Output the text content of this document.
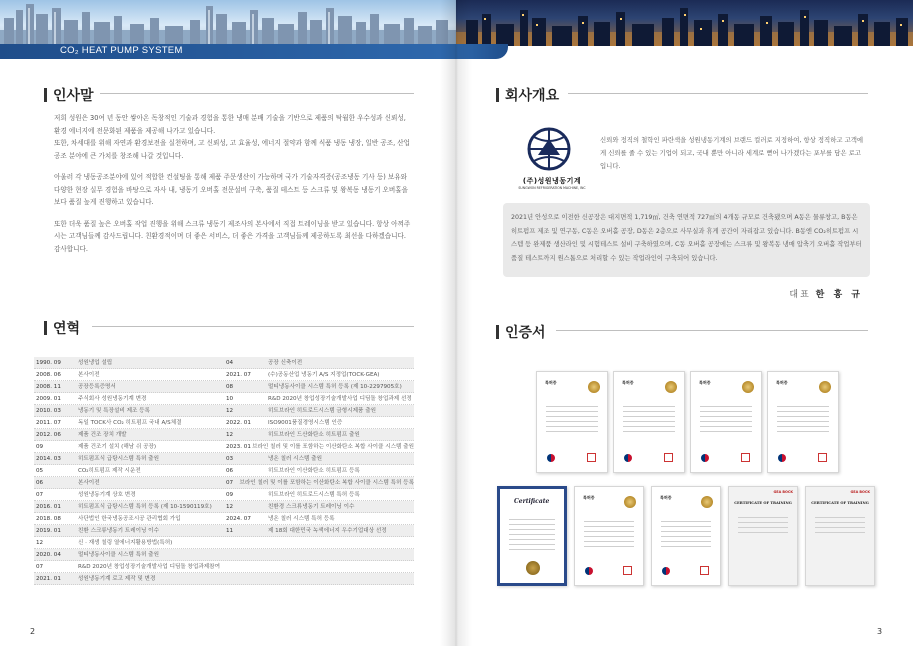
CO₂ HEAT PUMP SYSTEM
인사말

저희 성원은 30여 년 동안 쌓아온 독창적인 기술과 경험을 통한 냉매 분배 기술을 기반으로 제품의 탁월한 우수성과 신뢰성, 환경 에너지에 전문화된 제품을 제공해 나가고 있습니다.

또한, 차세대를 위해 자연과 환경보전을 실천하며, 고 신뢰성, 고 효율성, 에너지 절약과 함께 식품 냉동 냉장, 일반 공조, 산업공조 분야에 큰 가치를 창조해 나갈 것입니다.

아울러 각 냉동공조분야에 있어 적합한 컨설팅을 통해 제품 주문생산이 가능하며 국가 기술자격증(공조냉동 기사 등) 보유와 다양한 현장 실무 경험을 바탕으로 자사 내, 냉동기 오버홀 전문설비 구축, 품질 테스트 등 스크류 및 왕복동 냉동기 오버홀을 보다 품질 높게 진행하고 있습니다.

또한 더욱 품질 높은 오버홀 작업 진행을 위해 스크류 냉동기 제조사의 본사에서 직접 트레이닝을 받고 있습니다. 항상 아껴주시는 고객님들께 감사드립니다. 친환경적이며 더 좋은 서비스, 더 좋은 가격을 고객님들께 제공하도록 최선을 다하겠습니다. 감사합니다.

대표 한 홍 규
연혁
1990. 09	성원냉업 설립	04	공장 신축이전
2008. 06	본사이전	2021. 07	(수)공동산업 냉동기 A/S 지정업(TOCK-GEA)
2008. 11	공장등록증명서	08	멀티냉동사이클 시스템 특허 등록 (제 10-2297905호)
2009. 01	주식회사 성원냉동기계 변경	10	R&D 2020년 창업성장기술개발사업 디딤돌 창업과제 선정
2010. 03	냉동기 및 특장설비 제조 등록	12	히트브라인 히트로드시스템 금형시제품 출원
2011. 07	독일 TOCK사 CO₂ 히트펌프 국내 A/S체결	2022. 01	ISO9001품질경영시스템 인증
2012. 06	제품 건조 장치 개발	12	히트브라인 드산화탄소 히트펌프 출원
09	제품 건조기 설치 (해남 쉬 공장)	2023. 01 브라인 칠러 및 이를 포함하는 이산화탄소 복합 사이클 시스템 출원
2014. 03	히트펌프식 급탕시스템 특허 출원	03	냉온 칠러 시스템 출원
05	CO₂히트펌프 제작 시운전	06	히트브라인 이산화탄소 히트펌프 등록
06	본사이전	07	브라인 칠러 및 이를 포함하는 이산화탄소 복합 사이클 시스템 특허 등록
07	성원냉동기계 상호 변경	09	히트브라인 히트로드시스템 특허 등록
2016. 01	히트펌프식 급탕시스템 특허 등록 (제 10-1590119호)	12	친환경 스크류냉동기 트레이닝 이수
2018. 08	사단법인 한국냉동공조시공 관리협회 가입	2024. 07	냉온 칠러 시스템 특허 등록
2019. 01	친환 스크류냉동기 트레이닝 이수	11	제 18회 대한민국 녹색에너지 우수기업대상 선정
12	신 · 재생 칠링 열에너지활용방법(특허)
2020. 04	멀티냉동사이클 시스템 특허 출원
07	R&D 2020년 창업성장기술개발사업 디딤돌 창업과제참여
2021. 01	성원냉동기계 로고 제작 및 변경
2
회사개요
(주)성원냉동기계
SUNGWON REFRIGERATION MACHINE, INC
신뢰와 정직의 철학인 파란색을 성원냉동기계의 브랜드 컬러로 지정하여, 항상 정직하고 고객에게 신뢰를 줄 수 있는 기업이 되고, 국내 뿐만 아니라 세계로 뻗어 나가겠다는 포부를 담은 로고입니다.
2021년 안성으로 이전한 신공장은 대지면적 1,719㎡, 건축 연면적 727㎡의 4개동 규모로 건축됐으며 A동은 물류창고, B동은 히트펌프 제조 및 연구동, C동은 오버홀 공장, D동은 2층으로 사무실과 휴게 공간이 자리잡고 있습니다. B동엔 CO₂히트펌프 시스템 등 완제품 생산라인 및 시험테스트 설비 구축하였으며, C동 오버홀 공장에는 스크류 및 왕복동 냉매 압축기 오버홀 작업부터 품질 테스트까지 원스톱으로 처리할 수 있는 작업라인이 구축되어 있습니다.
인증서
특허증	특허증	특허증	특허증
Certificate
특허증	특허증
GEA BOCK
CERTIFICATE OF TRAINING
GEA BOCK
CERTIFICATE OF TRAINING
3
